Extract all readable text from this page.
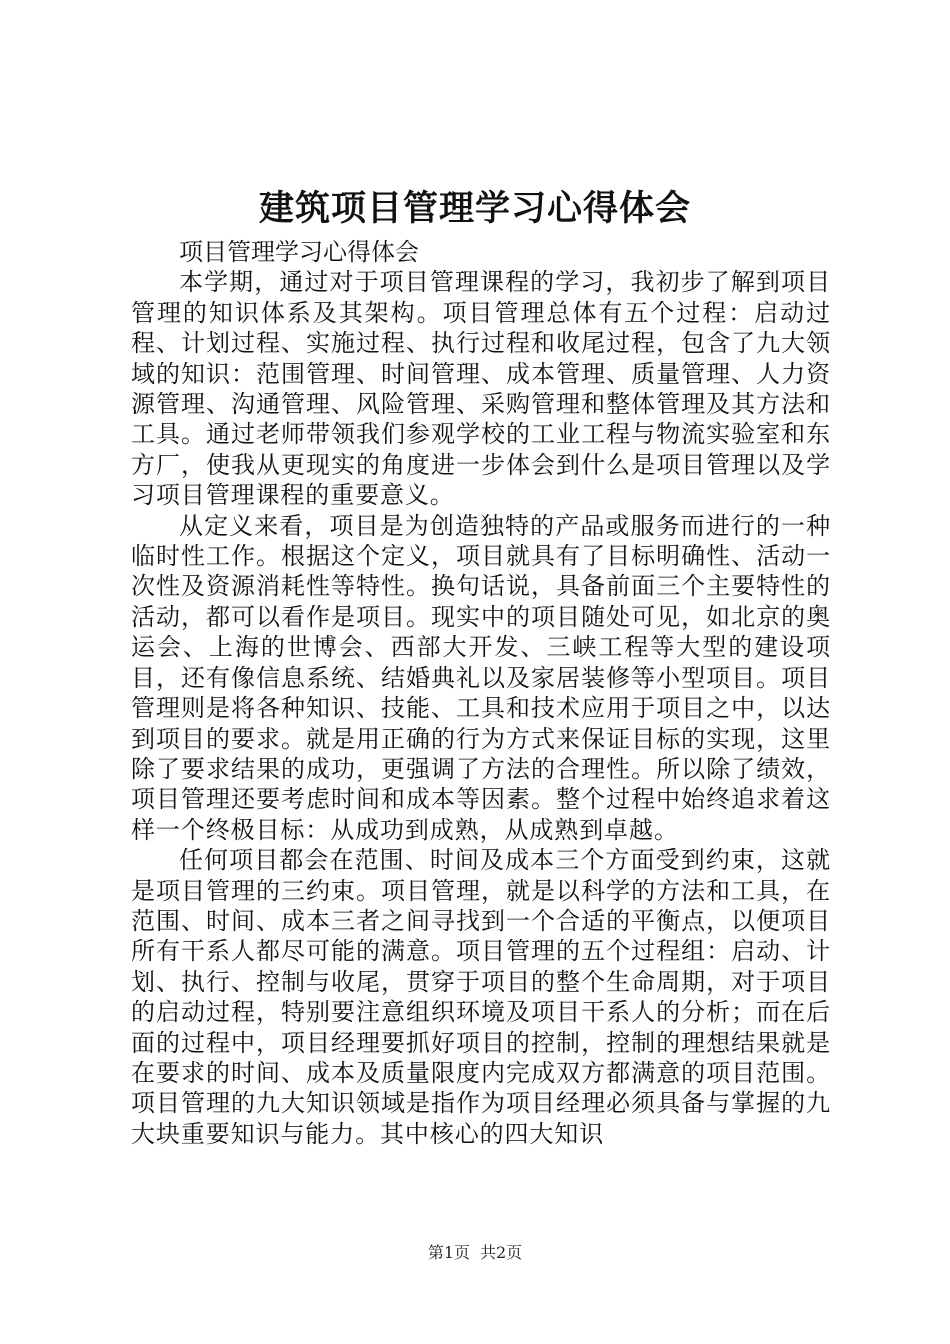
建筑项目管理学习心得体会

项目管理学习心得体会

本学期，通过对于项目管理课程的学习，我初步了解到项目管理的知识体系及其架构。项目管理总体有五个过程：启动过程、计划过程、实施过程、执行过程和收尾过程，包含了九大领域的知识：范围管理、时间管理、成本管理、质量管理、人力资源管理、沟通管理、风险管理、采购管理和整体管理及其方法和工具。通过老师带领我们参观学校的工业工程与物流实验室和东方厂，使我从更现实的角度进一步体会到什么是项目管理以及学习项目管理课程的重要意义。

从定义来看，项目是为创造独特的产品或服务而进行的一种临时性工作。根据这个定义，项目就具有了目标明确性、活动一次性及资源消耗性等特性。换句话说，具备前面三个主要特性的活动，都可以看作是项目。现实中的项目随处可见，如北京的奥运会、上海的世博会、西部大开发、三峡工程等大型的建设项目，还有像信息系统、结婚典礼以及家居装修等小型项目。项目管理则是将各种知识、技能、工具和技术应用于项目之中，以达到项目的要求。就是用正确的行为方式来保证目标的实现，这里除了要求结果的成功，更强调了方法的合理性。所以除了绩效，项目管理还要考虑时间和成本等因素。整个过程中始终追求着这样一个终极目标：从成功到成熟，从成熟到卓越。

任何项目都会在范围、时间及成本三个方面受到约束，这就是项目管理的三约束。项目管理，就是以科学的方法和工具，在范围、时间、成本三者之间寻找到一个合适的平衡点，以便项目所有干系人都尽可能的满意。项目管理的五个过程组：启动、计划、执行、控制与收尾，贯穿于项目的整个生命周期，对于项目的启动过程，特别要注意组织环境及项目干系人的分析；而在后面的过程中，项目经理要抓好项目的控制，控制的理想结果就是在要求的时间、成本及质量限度内完成双方都满意的项目范围。项目管理的九大知识领域是指作为项目经理必须具备与掌握的九大块重要知识与能力。其中核心的四大知识

第1页 共2页
